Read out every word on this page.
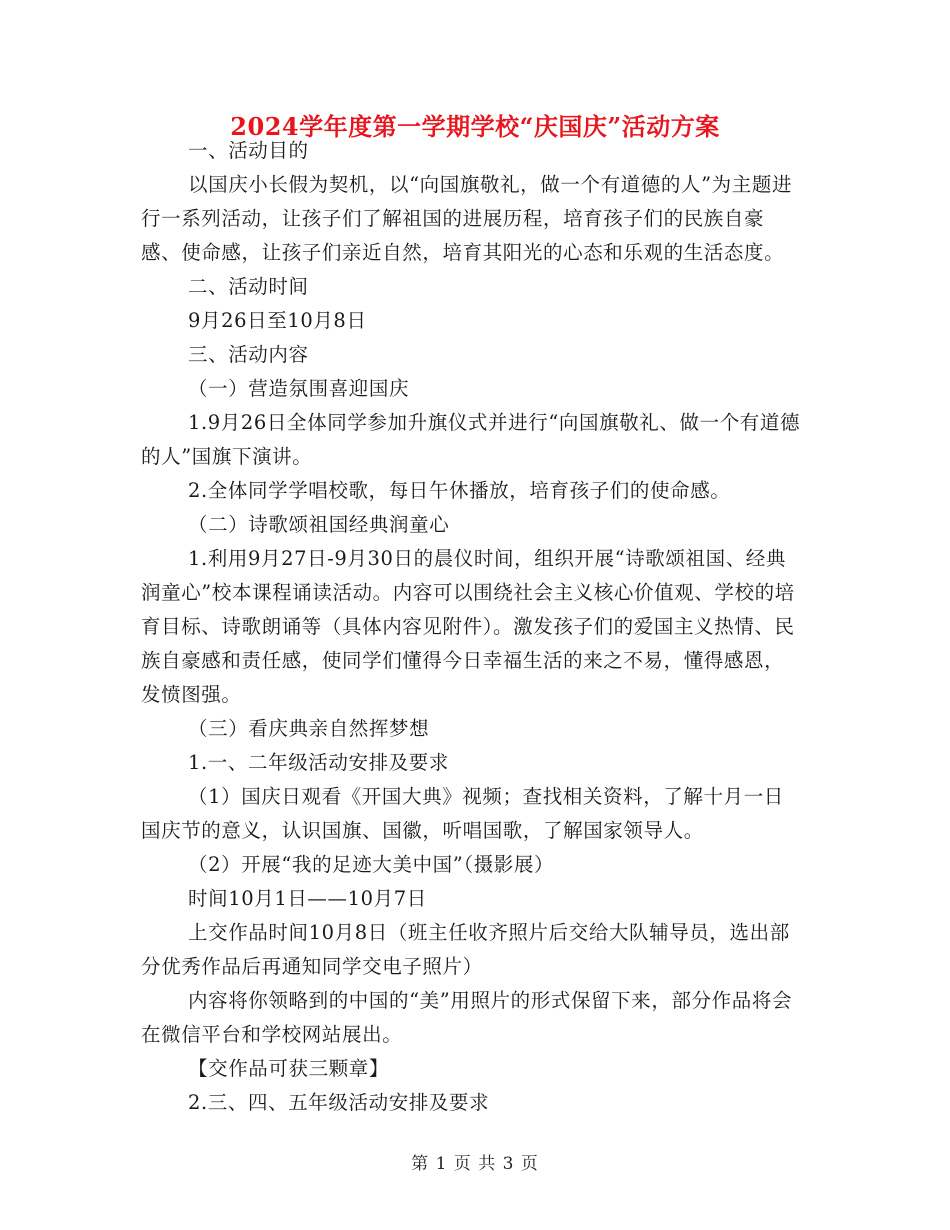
2024学年度第一学期学校“庆国庆”活动方案

一、活动目的

以国庆小长假为契机，以“向国旗敬礼，做一个有道德的人”为主题进行一系列活动，让孩子们了解祖国的进展历程，培育孩子们的民族自豪感、使命感，让孩子们亲近自然，培育其阳光的心态和乐观的生活态度。

二、活动时间

9月26日至10月8日

三、活动内容

（一）营造氛围喜迎国庆

1.9月26日全体同学参加升旗仪式并进行“向国旗敬礼、做一个有道德的人”国旗下演讲。

2.全体同学学唱校歌，每日午休播放，培育孩子们的使命感。

（二）诗歌颂祖国经典润童心

1.利用9月27日-9月30日的晨仪时间，组织开展“诗歌颂祖国、经典润童心”校本课程诵读活动。内容可以围绕社会主义核心价值观、学校的培育目标、诗歌朗诵等（具体内容见附件）。激发孩子们的爱国主义热情、民族自豪感和责任感，使同学们懂得今日幸福生活的来之不易，懂得感恩，发愤图强。

（三）看庆典亲自然挥梦想

1.一、二年级活动安排及要求

（1）国庆日观看《开国大典》视频；查找相关资料，了解十月一日国庆节的意义，认识国旗、国徽，听唱国歌，了解国家领导人。

（2）开展“我的足迹大美中国”（摄影展）

时间10月1日——10月7日

上交作品时间10月8日（班主任收齐照片后交给大队辅导员，选出部分优秀作品后再通知同学交电子照片）

内容将你领略到的中国的“美”用照片的形式保留下来，部分作品将会在微信平台和学校网站展出。

【交作品可获三颗章】

2.三、四、五年级活动安排及要求

第 1 页 共 3 页
